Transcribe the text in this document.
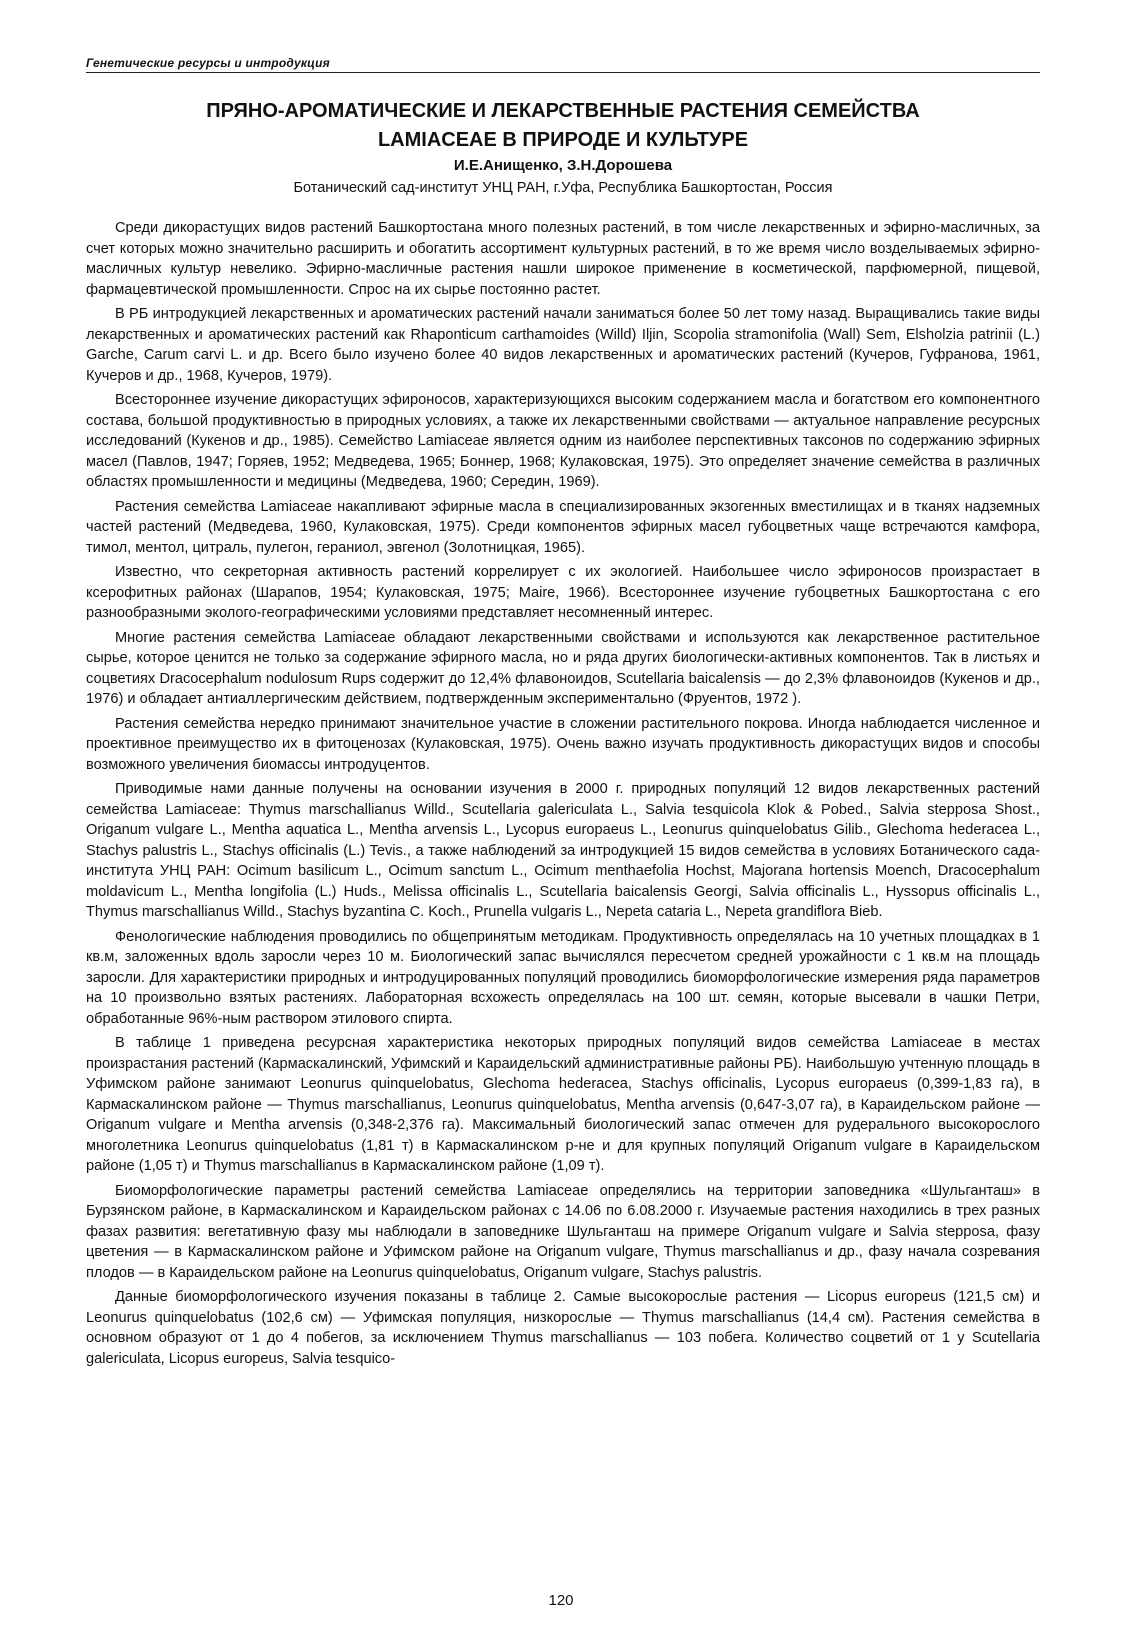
Генетические ресурсы и интродукция
ПРЯНО-АРОМАТИЧЕСКИЕ И ЛЕКАРСТВЕННЫЕ РАСТЕНИЯ СЕМЕЙСТВА
LAMIACEAE В ПРИРОДЕ И КУЛЬТУРЕ
И.Е.Анищенко, З.Н.Дорошева
Ботанический сад-институт УНЦ РАН, г.Уфа, Республика Башкортостан, Россия

Среди дикорастущих видов растений Башкортостана много полезных растений, в том числе лекарственных и эфирно-масличных, за счет которых можно значительно расширить и обогатить ассортимент культурных растений, в то же время число возделываемых эфирно-масличных культур невелико. Эфирно-масличные растения нашли широкое применение в косметической, парфюмерной, пищевой, фармацевтической промышленности. Спрос на их сырье постоянно растет.

В РБ интродукцией лекарственных и ароматических растений начали заниматься более 50 лет тому назад. Выращивались такие виды лекарственных и ароматических растений как Rhaponticum carthamoides (Willd) Iljin, Scopolia stramonifolia (Wall) Sem, Elsholzia patrinii (L.) Garche, Carum carvi L. и др. Всего было изучено более 40 видов лекарственных и ароматических растений (Кучеров, Гуфранова, 1961, Кучеров и др., 1968, Кучеров, 1979).

Всестороннее изучение дикорастущих эфироносов, характеризующихся высоким содержанием масла и богатством его компонентного состава, большой продуктивностью в природных условиях, а также их лекарственными свойствами — актуальное направление ресурсных исследований (Кукенов и др., 1985). Семейство Lamiaceae является одним из наиболее перспективных таксонов по содержанию эфирных масел (Павлов, 1947; Горяев, 1952; Медведева, 1965; Боннер, 1968; Кулаковская, 1975). Это определяет значение семейства в различных областях промышленности и медицины (Медведева, 1960; Середин, 1969).

Растения семейства Lamiaceae накапливают эфирные масла в специализированных экзогенных вместилищах и в тканях надземных частей растений (Медведева, 1960, Кулаковская, 1975). Среди компонентов эфирных масел губоцветных чаще встречаются камфора, тимол, ментол, цитраль, пулегон, гераниол, эвгенол (Золотницкая, 1965).

Известно, что секреторная активность растений коррелирует с их экологией. Наибольшее число эфироносов произрастает в ксерофитных районах (Шарапов, 1954; Кулаковская, 1975; Maire, 1966). Всестороннее изучение губоцветных Башкортостана с его разнообразными эколого-географическими условиями представляет несомненный интерес.

Многие растения семейства Lamiaceae обладают лекарственными свойствами и используются как лекарственное растительное сырье, которое ценится не только за содержание эфирного масла, но и ряда других биологически-активных компонентов. Так в листьях и соцветиях Dracocephalum nodulosum Rups содержит до 12,4% флавоноидов, Scutellaria baicalensis — до 2,3% флавоноидов (Кукенов и др., 1976) и обладает антиаллергическим действием, подтвержденным экспериментально (Фруентов, 1972 ).

Растения семейства нередко принимают значительное участие в сложении растительного покрова. Иногда наблюдается численное и проективное преимущество их в фитоценозах (Кулаковская, 1975). Очень важно изучать продуктивность дикорастущих видов и способы возможного увеличения биомассы интродуцентов.

Приводимые нами данные получены на основании изучения в 2000 г. природных популяций 12 видов лекарственных растений семейства Lamiaceae: Thymus marschallianus Willd., Scutellaria galericulata L., Salvia tesquicola Klok & Pobed., Salvia stepposa Shost., Origanum vulgare L., Mentha aquatica L., Mentha arvensis L., Lycopus europaeus L., Leonurus quinquelobatus Gilib., Glechoma hederacea L., Stachys palustris L., Stachys officinalis (L.) Tevis., а также наблюдений за интродукцией 15 видов семейства в условиях Ботанического сада-института УНЦ РАН: Ocimum basilicum L., Ocimum sanctum L., Ocimum menthaefolia Hochst, Majorana hortensis Moench, Dracocephalum moldavicum L., Mentha longifolia (L.) Huds., Melissa officinalis L., Scutellaria baicalensis Georgi, Salvia officinalis L., Hyssopus officinalis L., Thymus marschallianus Willd., Stachys byzantina C. Koch., Prunella vulgaris L., Nepeta cataria L., Nepeta grandiflora Bieb.

Фенологические наблюдения проводились по общепринятым методикам. Продуктивность определялась на 10 учетных площадках в 1 кв.м, заложенных вдоль заросли через 10 м. Биологический запас вычислялся пересчетом средней урожайности с 1 кв.м на площадь заросли. Для характеристики природных и интродуцированных популяций проводились биоморфологические измерения ряда параметров на 10 произвольно взятых растениях. Лабораторная всхожесть определялась на 100 шт. семян, которые высевали в чашки Петри, обработанные 96%-ным раствором этилового спирта.

В таблице 1 приведена ресурсная характеристика некоторых природных популяций видов семейства Lamiaceae в местах произрастания растений (Кармаскалинский, Уфимский и Караидельский административные районы РБ). Наибольшую учтенную площадь в Уфимском районе занимают Leonurus quinquelobatus, Glechoma hederacea, Stachys officinalis, Lycopus europaeus (0,399-1,83 га), в Кармаскалинском районе — Thymus marschallianus, Leonurus quinquelobatus, Mentha arvensis (0,647-3,07 га), в Караидельском районе — Origanum vulgare и Mentha arvensis (0,348-2,376 га). Максимальный биологический запас отмечен для рудерального высокорослого многолетника Leonurus quinquelobatus (1,81 т) в Кармаскалинском р-не и для крупных популяций Origanum vulgare в Караидельском районе (1,05 т) и Thymus marschallianus в Кармаскалинском районе (1,09 т).

Биоморфологические параметры растений семейства Lamiaceae определялись на территории заповедника «Шульганташ» в Бурзянском районе, в Кармаскалинском и Караидельском районах с 14.06 по 6.08.2000 г. Изучаемые растения находились в трех разных фазах развития: вегетативную фазу мы наблюдали в заповеднике Шульганташ на примере Origanum vulgare и Salvia stepposa, фазу цветения — в Кармаскалинском районе и Уфимском районе на Origanum vulgare, Thymus marschallianus и др., фазу начала созревания плодов — в Караидельском районе на Leonurus quinquelobatus, Origanum vulgare, Stachys palustris.

Данные биоморфологического изучения показаны в таблице 2. Самые высокорослые растения — Licopus europeus (121,5 см) и Leonurus quinquelobatus (102,6 см) — Уфимская популяция, низкорослые — Thymus marschallianus (14,4 см). Растения семейства в основном образуют от 1 до 4 побегов, за исключением Thymus marschallianus — 103 побега. Количество соцветий от 1 у Scutellaria galericulata, Licopus europeus, Salvia tesquico-

120
